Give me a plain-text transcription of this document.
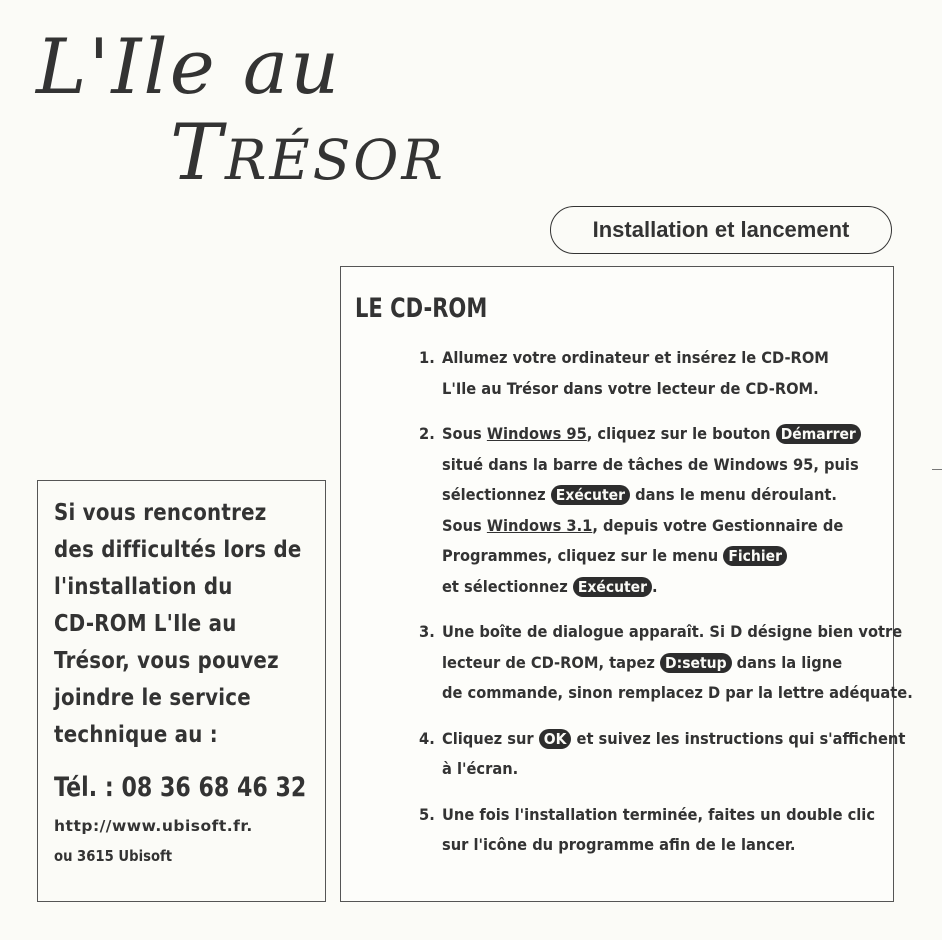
L'Ile au
Trésor
Installation et lancement
LE CD-ROM
1. Allumez votre ordinateur et insérez le CD-ROM
L'Ile au Trésor dans votre lecteur de CD-ROM.
2. Sous Windows 95, cliquez sur le bouton Démarrer
situé dans la barre de tâches de Windows 95, puis
sélectionnez Exécuter dans le menu déroulant.
Sous Windows 3.1, depuis votre Gestionnaire de
Programmes, cliquez sur le menu Fichier
et sélectionnez Exécuter .
3. Une boîte de dialogue apparaît. Si D désigne bien votre
lecteur de CD-ROM, tapez D:setup dans la ligne
de commande, sinon remplacez D par la lettre adéquate.
4. Cliquez sur OK et suivez les instructions qui s'affichent
à l'écran.
5. Une fois l'installation terminée, faites un double clic
sur l'icône du programme afin de le lancer.
Si vous rencontrez
des difficultés lors de
l'installation du
CD-ROM L'Ile au
Trésor, vous pouvez
joindre le service
technique au :
Tél. : 08 36 68 46 32
http://www.ubisoft.fr.
ou 3615 Ubisoft
